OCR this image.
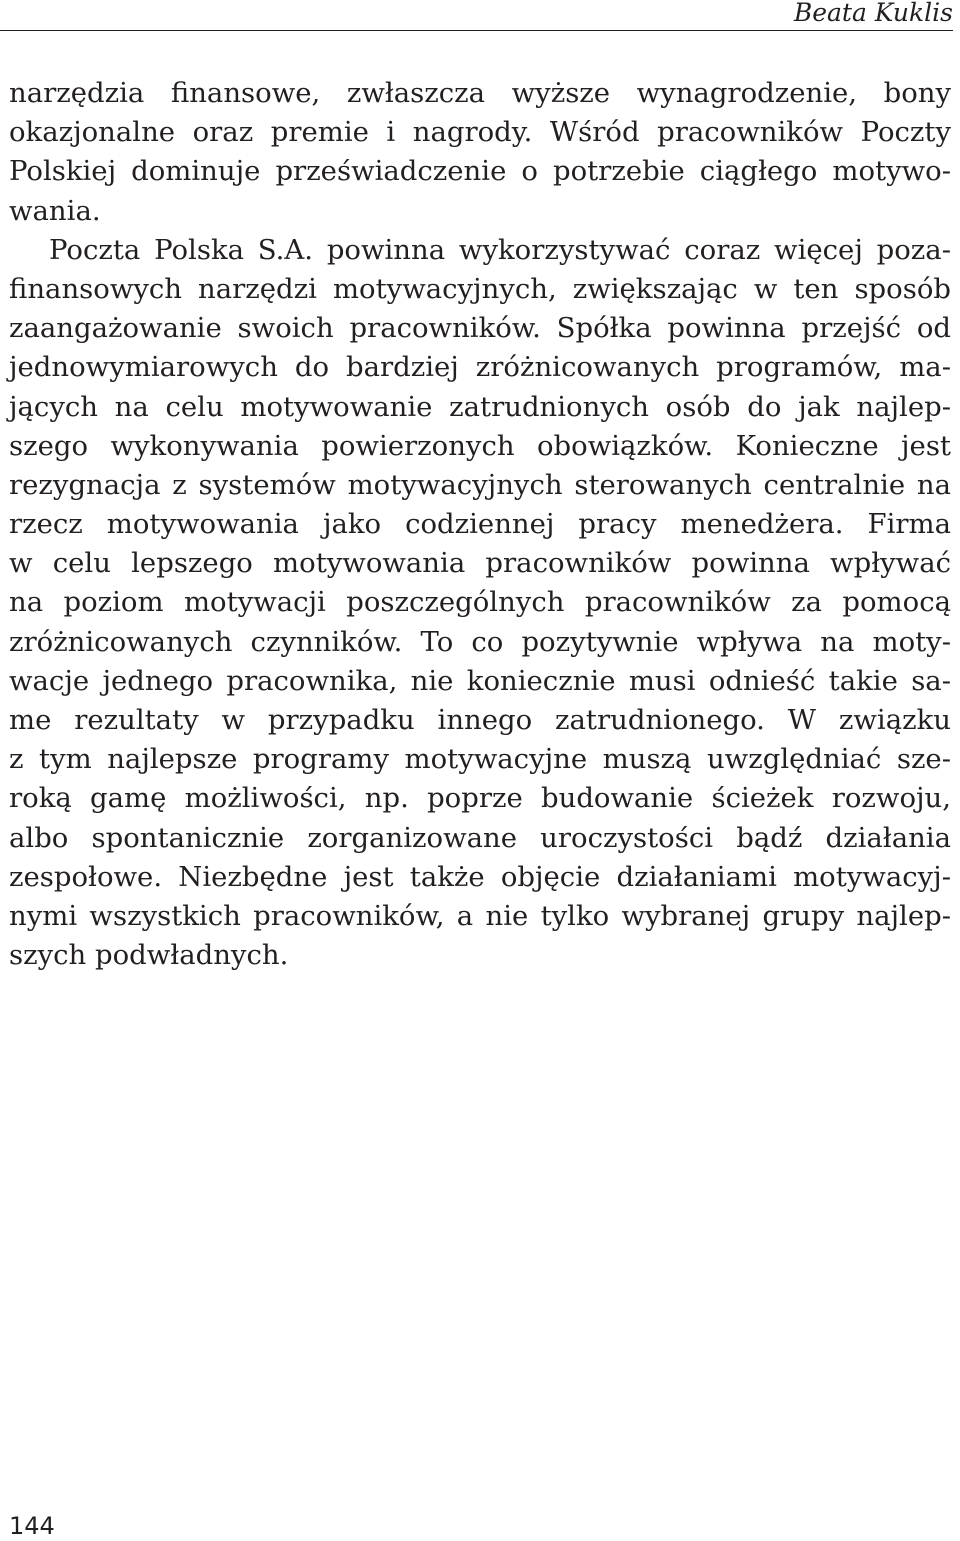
Beata Kuklis
narzędzia finansowe, zwłaszcza wyższe wynagrodzenie, bony
okazjonalne oraz premie i nagrody. Wśród pracowników Poczty
Polskiej dominuje przeświadczenie o potrzebie ciągłego motywo-
wania.
Poczta Polska S.A. powinna wykorzystywać coraz więcej poza-
finansowych narzędzi motywacyjnych, zwiększając w ten sposób
zaangażowanie swoich pracowników. Spółka powinna przejść od
jednowymiarowych do bardziej zróżnicowanych programów, ma-
jących na celu motywowanie zatrudnionych osób do jak najlep-
szego wykonywania powierzonych obowiązków. Konieczne jest
rezygnacja z systemów motywacyjnych sterowanych centralnie na
rzecz motywowania jako codziennej pracy menedżera. Firma
w celu lepszego motywowania pracowników powinna wpływać
na poziom motywacji poszczególnych pracowników za pomocą
zróżnicowanych czynników. To co pozytywnie wpływa na moty-
wacje jednego pracownika, nie koniecznie musi odnieść takie sa-
me rezultaty w przypadku innego zatrudnionego. W związku
z tym najlepsze programy motywacyjne muszą uwzględniać sze-
roką gamę możliwości, np. poprze budowanie ścieżek rozwoju,
albo spontanicznie zorganizowane uroczystości bądź działania
zespołowe. Niezbędne jest także objęcie działaniami motywacyj-
nymi wszystkich pracowników, a nie tylko wybranej grupy najlep-
szych podwładnych.
144
